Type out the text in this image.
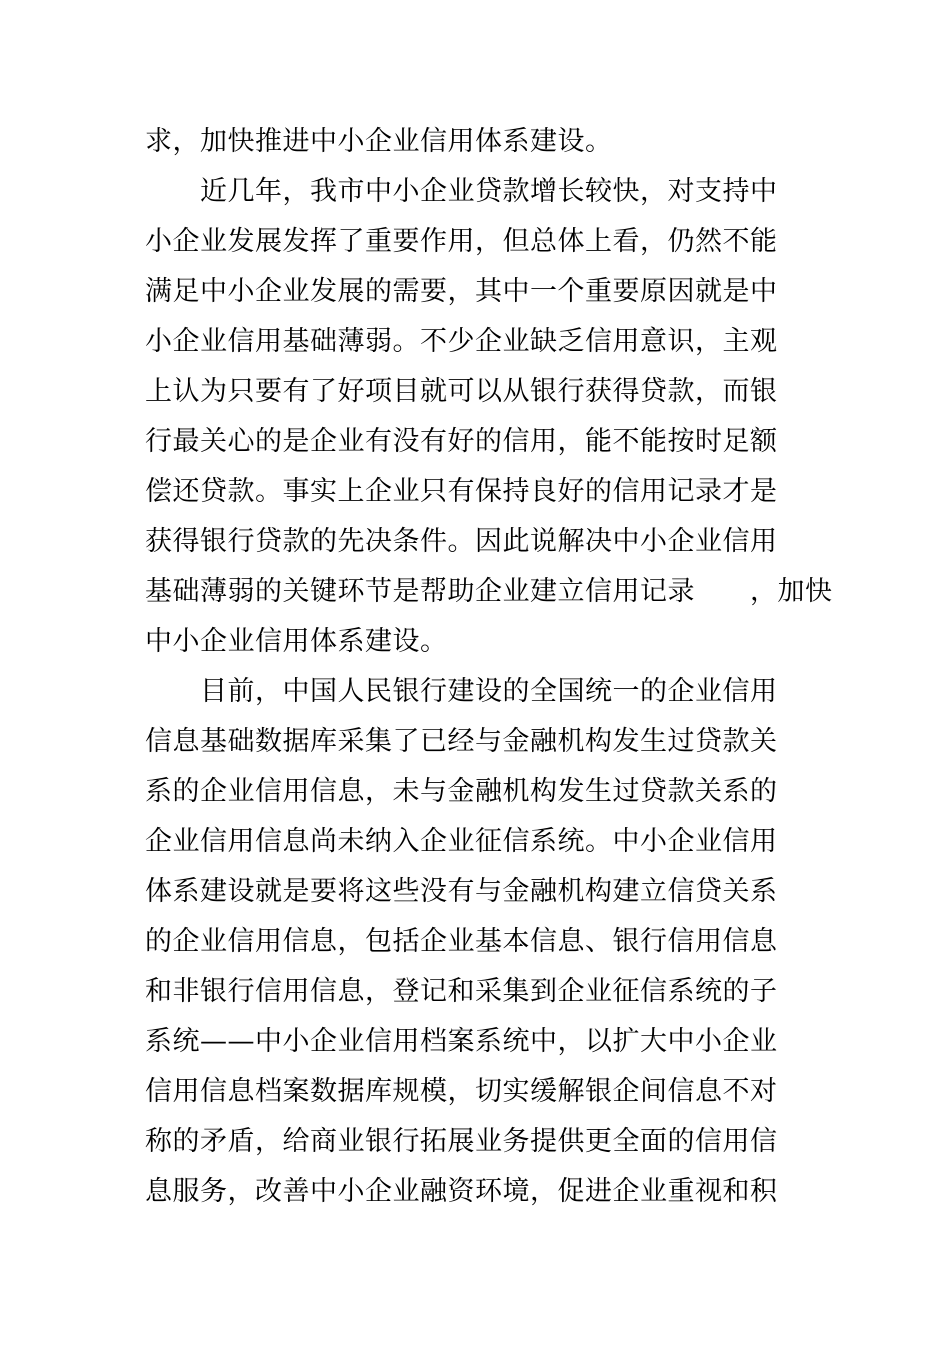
求，加快推进中小企业信用体系建设。
近几年，我市中小企业贷款增长较快，对支持中
小企业发展发挥了重要作用，但总体上看，仍然不能
满足中小企业发展的需要，其中一个重要原因就是中
小企业信用基础薄弱。不少企业缺乏信用意识，主观
上认为只要有了好项目就可以从银行获得贷款，而银
行最关心的是企业有没有好的信用，能不能按时足额
偿还贷款。事实上企业只有保持良好的信用记录才是
获得银行贷款的先决条件。因此说解决中小企业信用
基础薄弱的关键环节是帮助企业建立信用记录　　，加快
中小企业信用体系建设。
目前，中国人民银行建设的全国统一的企业信用
信息基础数据库采集了已经与金融机构发生过贷款关
系的企业信用信息，未与金融机构发生过贷款关系的
企业信用信息尚未纳入企业征信系统。中小企业信用
体系建设就是要将这些没有与金融机构建立信贷关系
的企业信用信息，包括企业基本信息、银行信用信息
和非银行信用信息，登记和采集到企业征信系统的子
系统——中小企业信用档案系统中，以扩大中小企业
信用信息档案数据库规模，切实缓解银企间信息不对
称的矛盾，给商业银行拓展业务提供更全面的信用信
息服务，改善中小企业融资环境，促进企业重视和积
